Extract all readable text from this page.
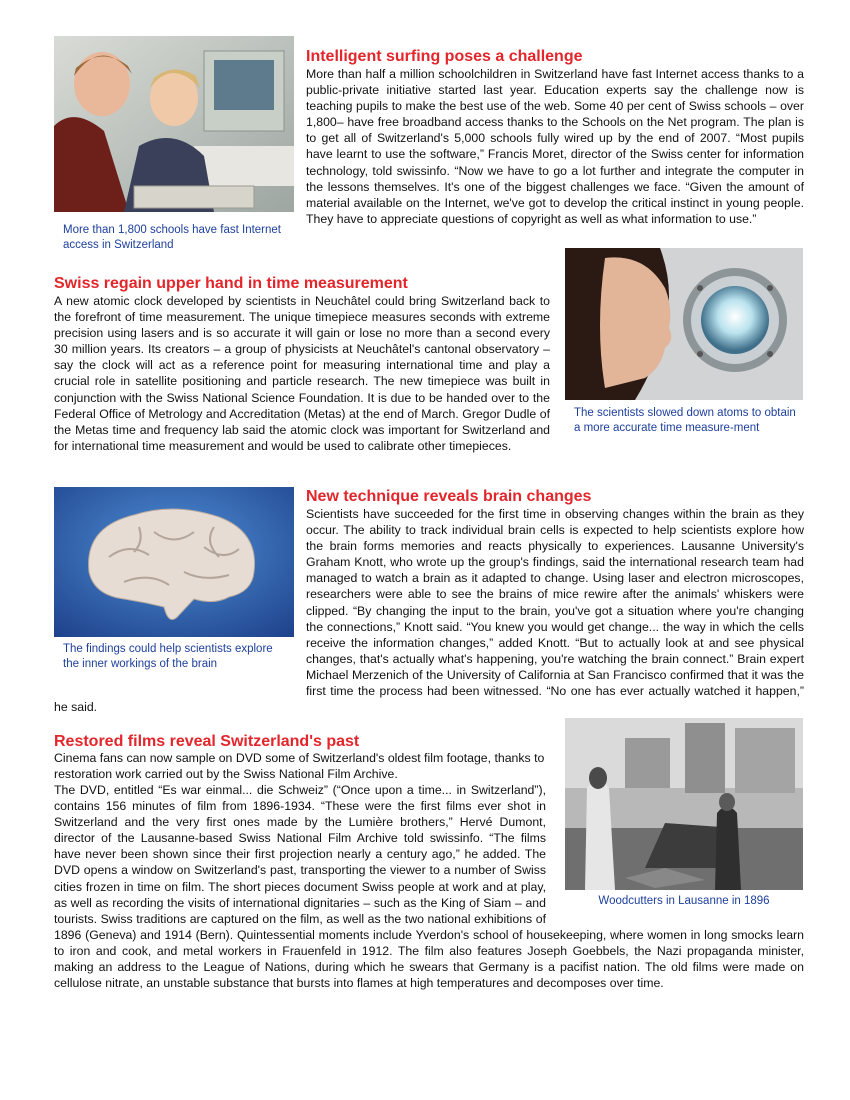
More than 1,800 schools have fast Internet access in Switzerland

Intelligent surfing poses a challenge

More than half a million schoolchildren in Switzerland have fast Internet access thanks to a public-private initiative started last year. Education experts say the challenge now is teaching pupils to make the best use of the web. Some 40 per cent of Swiss schools – over 1,800– have free broadband access thanks to the Schools on the Net program. The plan is to get all of Switzerland's 5,000 schools fully wired up by the end of 2007. “Most pupils have learnt to use the software,” Francis Moret, director of the Swiss center for information technology, told swissinfo. “Now we have to go a lot further and integrate the computer in the lessons themselves. It's one of the biggest challenges we face. “Given the amount of material available on the Internet, we've got to develop the critical instinct in young people. They have to appreciate questions of copyright as well as what information to use.”

Swiss regain upper hand in time measurement

A new atomic clock developed by scientists in Neuchâtel could bring Switzerland back to the forefront of time measurement. The unique timepiece measures seconds with extreme precision using lasers and is so accurate it will gain or lose no more than a second every 30 million years. Its creators – a group of physicists at Neuchâtel's cantonal observatory – say the clock will act as a reference point for measuring international time and play a crucial role in satellite positioning and particle research. The new timepiece was built in conjunction with the Swiss National Science Foundation. It is due to be handed over to the Federal Office of Metrology and Accreditation (Metas) at the end of March. Gregor Dudle of the Metas time and frequency lab said the atomic clock was important for Switzerland and for international time measurement and would be used to calibrate other timepieces.

The scientists slowed down atoms to obtain a more accurate time measure-ment

The findings could help scientists explore the inner workings of the brain

New technique reveals brain changes

Scientists have succeeded for the first time in observing changes within the brain as they occur. The ability to track individual brain cells is expected to help scientists explore how the brain forms memories and reacts physically to experiences. Lausanne University's Graham Knott, who wrote up the group's findings, said the international research team had managed to watch a brain as it adapted to change. Using laser and electron microscopes, researchers were able to see the brains of mice rewire after the animals' whiskers were clipped. “By changing the input to the brain, you've got a situation where you're changing the connections,” Knott said. “You knew you would get change... the way in which the cells receive the information changes,” added Knott. “But to actually look at and see physical changes, that's actually what's happening, you're watching the brain connect.” Brain expert Michael Merzenich of the University of California at San Francisco confirmed that it was the first time the process had been witnessed. “No one has ever actually watched it happen,” he said.

Restored films reveal Switzerland's past

Cinema fans can now sample on DVD some of Switzerland's oldest film footage, thanks to restoration work carried out by the Swiss National Film Archive.

The DVD, entitled “Es war einmal... die Schweiz” (“Once upon a time... in Switzerland”), contains 156 minutes of film from 1896-1934. “These were the first films ever shot in Switzerland and the very first ones made by the Lumière brothers,” Hervé Dumont, director of the Lausanne-based Swiss National Film Archive told swissinfo. “The films have never been shown since their first projection nearly a century ago,” he added. The DVD opens a window on Switzerland's past, transporting the viewer to a number of Swiss cities frozen in time on film. The short pieces document Swiss people at work and at play, as well as recording the visits of international dignitaries – such as the King of Siam – and tourists. Swiss traditions are captured on the film, as well as the two national exhibitions of 1896 (Geneva) and 1914 (Bern). Quintessential moments include Yverdon's school of housekeeping, where women in long smocks learn to iron and cook, and metal workers in Frauenfeld in 1912. The film also features Joseph Goebbels, the Nazi propaganda minister, making an address to the League of Nations, during which he swears that Germany is a pacifist nation. The old films were made on cellulose nitrate, an unstable substance that bursts into flames at high temperatures and decomposes over time.

Woodcutters in Lausanne in 1896
